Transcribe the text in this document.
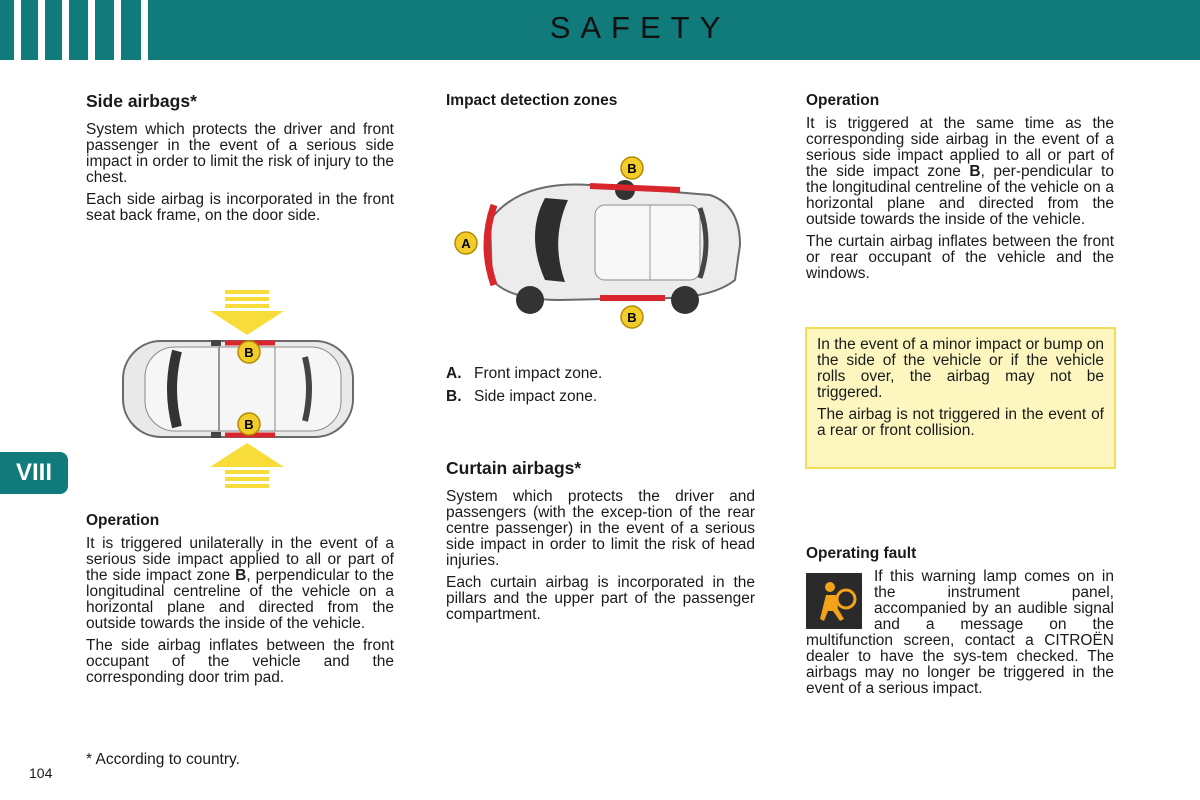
SAFETY
VIII
Side airbags*

System which protects the driver and front passenger in the event of a serious side impact in order to limit the risk of injury to the chest.

Each side airbag is incorporated in the front seat back frame, on the door side.

B
B
Operation

It is triggered unilaterally in the event of a serious side impact applied to all or part of the side impact zone B, perpendicular to the longitudinal centreline of the vehicle on a horizontal plane and directed from the outside towards the inside of the vehicle.

The side airbag inflates between the front occupant of the vehicle and the corresponding door trim pad.

Impact detection zones
A
B
B
A. Front impact zone.
B. Side impact zone.
Curtain airbags*

System which protects the driver and passengers (with the excep-tion of the rear centre passenger) in the event of a serious side impact in order to limit the risk of head injuries.

Each curtain airbag is incorporated in the pillars and the upper part of the passenger compartment.

Operation

It is triggered at the same time as the corresponding side airbag in the event of a serious side impact applied to all or part of the side impact zone B, per-pendicular to the longitudinal centreline of the vehicle on a horizontal plane and directed from the outside towards the inside of the vehicle.

The curtain airbag inflates between the front or rear occupant of the vehicle and the windows.

In the event of a minor impact or bump on the side of the vehicle or if the vehicle rolls over, the airbag may not be triggered.

The airbag is not triggered in the event of a rear or front collision.

Operating fault

If this warning lamp comes on in the instrument panel, accompanied by an audible signal and a message on the multifunction screen, contact a CITROËN dealer to have the sys-tem checked. The airbags may no longer be triggered in the event of a serious impact.

* According to country.
104
